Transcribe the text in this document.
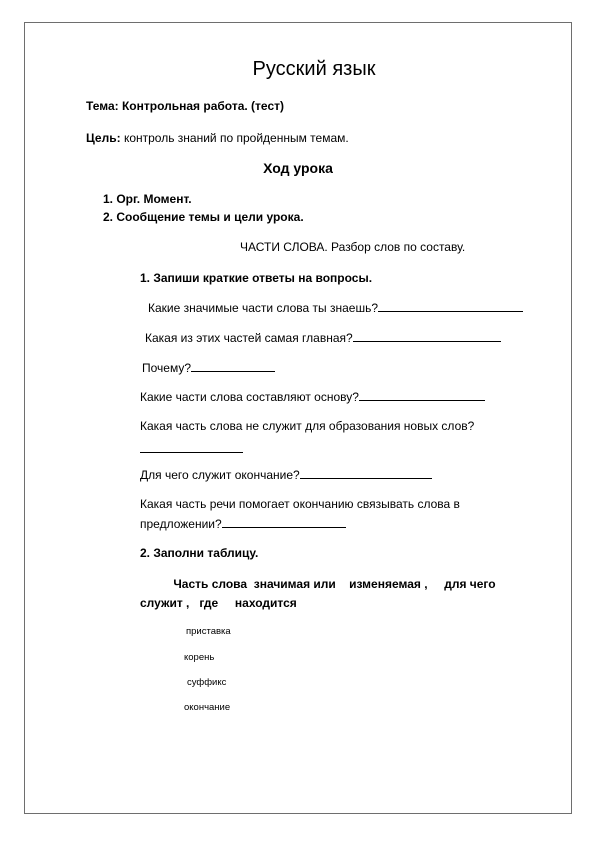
Русский язык
Тема: Контрольная работа. (тест)
Цель: контроль знаний по пройденным темам.
Ход урока
1. Орг. Момент.
2. Сообщение темы и цели урока.
ЧАСТИ СЛОВА. Разбор слов по составу.
1. Запиши краткие ответы на вопросы.
Какие значимые части слова ты знаешь?
Какая из этих частей самая главная?
Почему?
Какие части слова составляют основу?
Какая часть слова не служит для образования новых слов?
Для чего служит окончание?
Какая часть речи помогает окончанию связывать слова в
предложении?
2. Заполни таблицу.
Часть слова  значимая или    изменяемая ,     для чего
служит ,   где     находится
приставка
корень
суффикс
окончание
